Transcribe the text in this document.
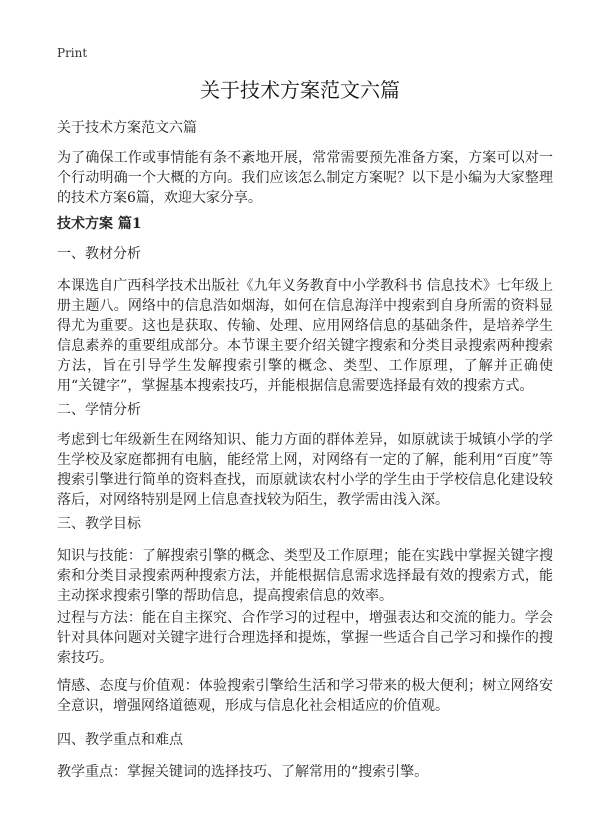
Print
关于技术方案范文六篇

关于技术方案范文六篇

为了确保工作或事情能有条不紊地开展，常常需要预先准备方案，方案可以对一个行动明确一个大概的方向。我们应该怎么制定方案呢？以下是小编为大家整理的技术方案6篇，欢迎大家分享。

技术方案 篇1

一、教材分析

本课选自广西科学技术出版社《九年义务教育中小学教科书 信息技术》七年级上册主题八。网络中的信息浩如烟海，如何在信息海洋中搜索到自身所需的资料显得尤为重要。这也是获取、传输、处理、应用网络信息的基础条件，是培养学生信息素养的重要组成部分。本节课主要介绍关键字搜索和分类目录搜索两种搜索方法，旨在引导学生发解搜索引擎的概念、类型、工作原理，了解并正确使用“关键字”，掌握基本搜索技巧，并能根据信息需要选择最有效的搜索方式。

二、学情分析

考虑到七年级新生在网络知识、能力方面的群体差异，如原就读于城镇小学的学生学校及家庭都拥有电脑，能经常上网，对网络有一定的了解，能利用“百度”等搜索引擎进行简单的资料查找，而原就读农村小学的学生由于学校信息化建设较落后，对网络特别是网上信息查找较为陌生，教学需由浅入深。

三、教学目标

知识与技能：了解搜索引擎的概念、类型及工作原理；能在实践中掌握关键字搜索和分类目录搜索两种搜索方法，并能根据信息需求选择最有效的搜索方式，能主动探求搜索引擎的帮助信息，提高搜索信息的效率。

过程与方法：能在自主探究、合作学习的过程中，增强表达和交流的能力。学会针对具体问题对关键字进行合理选择和提炼，掌握一些适合自己学习和操作的搜索技巧。

情感、态度与价值观：体验搜索引擎给生活和学习带来的极大便利；树立网络安全意识，增强网络道德观，形成与信息化社会相适应的价值观。

四、教学重点和难点

教学重点：掌握关键词的选择技巧、了解常用的“搜索引擎。
